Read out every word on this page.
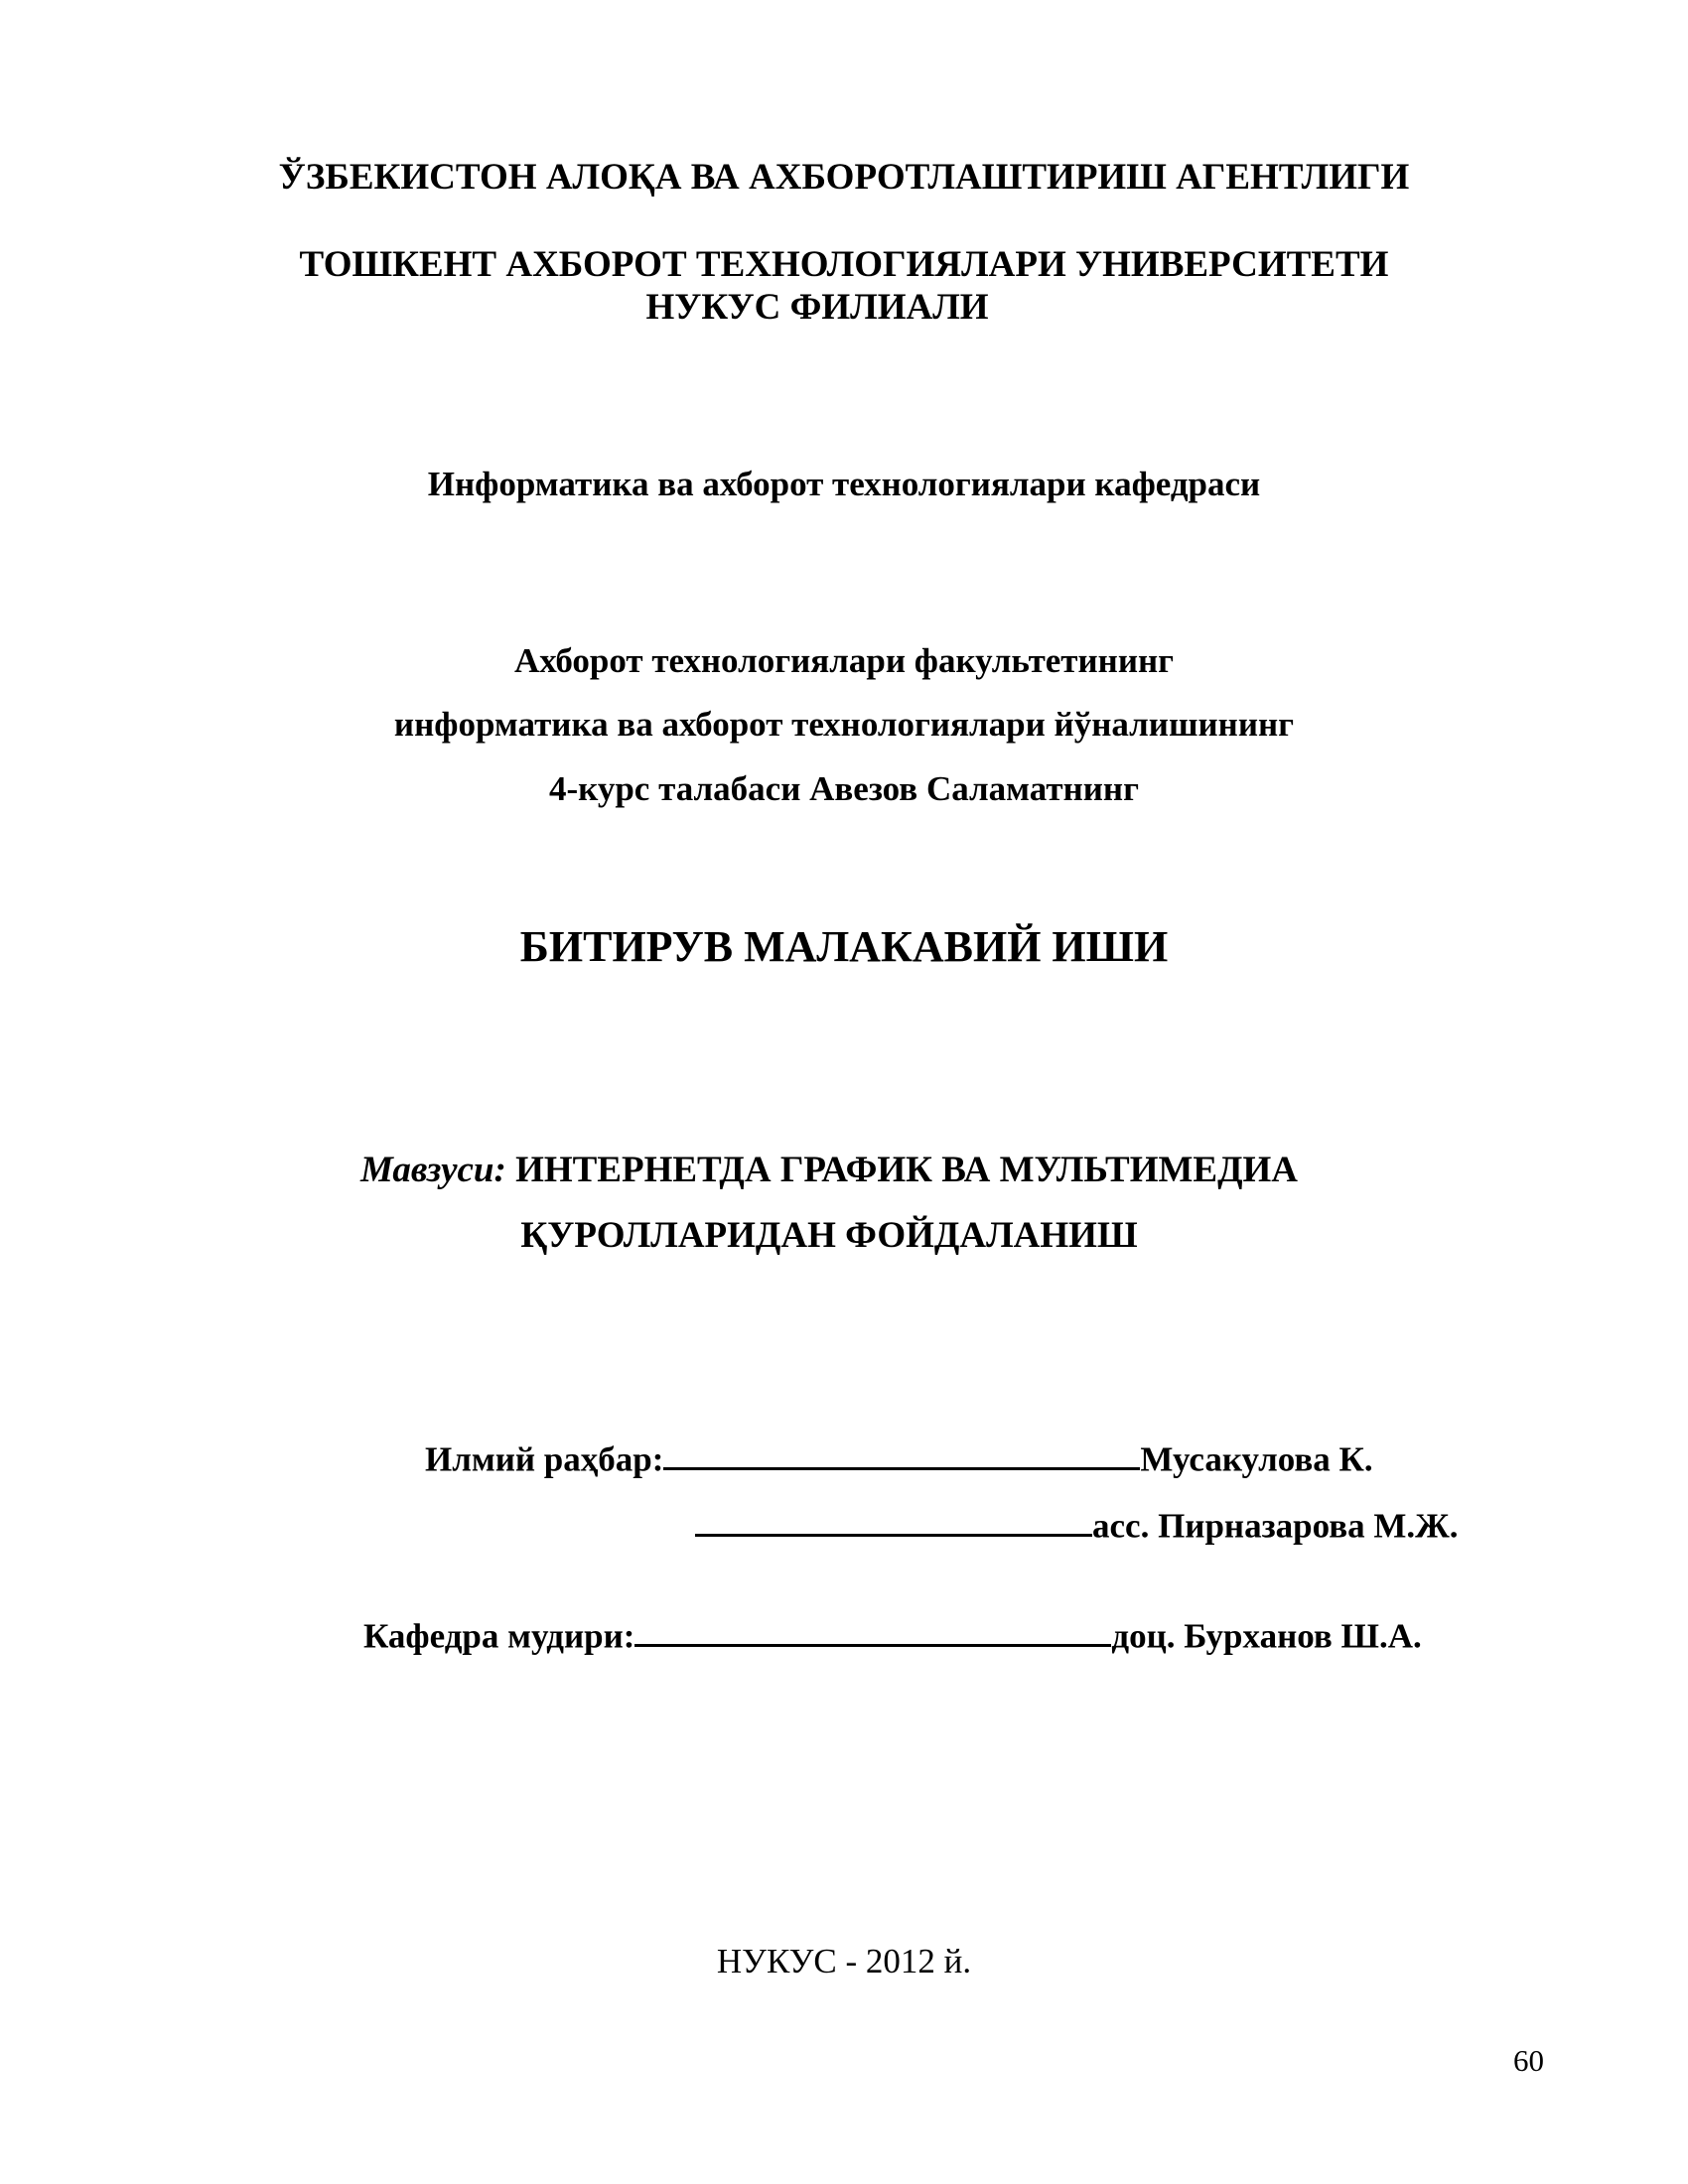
ЎЗБЕКИСТОН АЛОҚА ВА АХБОРОТЛАШТИРИШ АГЕНТЛИГИ
ТОШКЕНТ АХБОРОТ ТЕХНОЛОГИЯЛАРИ УНИВЕРСИТЕТИ
НУКУС ФИЛИАЛИ
Информатика ва ахборот технологиялари кафедраси
Ахборот технологиялари факультетининг
информатика ва ахборот технологиялари йўналишининг
4-курс талабаси Авезов Саламатнинг
БИТИРУВ МАЛАКАВИЙ ИШИ
Мавзуси: ИНТЕРНЕТДА ГРАФИК ВА МУЛЬТИМЕДИА
ҚУРОЛЛАРИДАН ФОЙДАЛАНИШ
Илмий раҳбар:	Мусакулова К.
асс. Пирназарова М.Ж.
Кафедра мудири:	доц. Бурханов Ш.А.
НУКУС - 2012 й.
60
